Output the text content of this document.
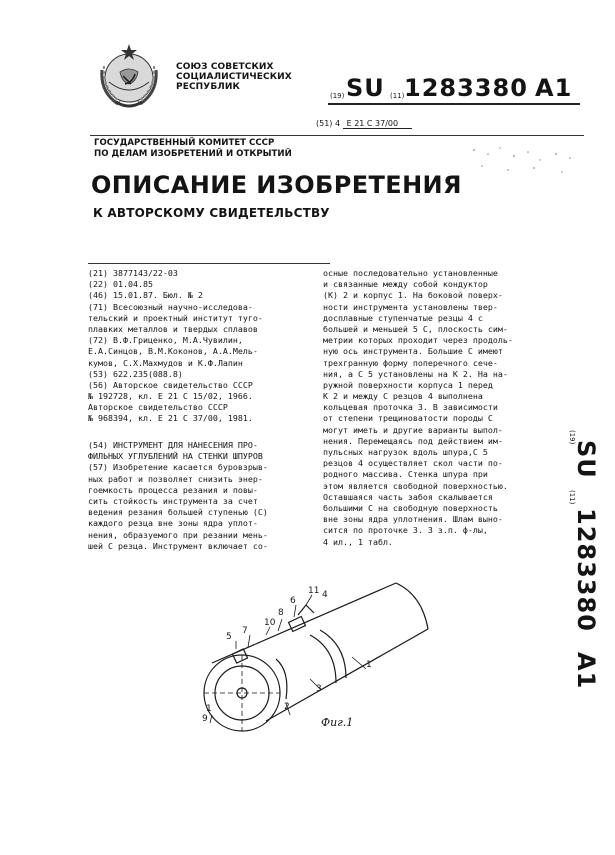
СОЮЗ СОВЕТСКИХ
СОЦИАЛИСТИЧЕСКИХ
РЕСПУБЛИК
(19) SU (11) 1283380 A1
(51) 4 Е 21 С 37/00
ГОСУДАРСТВЕННЫЙ КОМИТЕТ СССР
ПО ДЕЛАМ ИЗОБРЕТЕНИЙ И ОТКРЫТИЙ
ОПИСАНИЕ ИЗОБРЕТЕНИЯ
К АВТОРСКОМУ СВИДЕТЕЛЬСТВУ
(21) 3877143/22-03
(22) 01.04.85
(46) 15.01.87. Бюл. № 2
(71) Всесоюзный научно-исследова-
тельский и проектный институт туго-
плавких металлов и твердых сплавов
(72) В.Ф.Гриценко, М.А.Чувилин,
Е.А.Синцов, В.М.Коконов, А.А.Мель-
кумов, С.Х.Махмудов и К.Ф.Лапин
(53) 622.235(088.8)
(56) Авторское свидетельство СССР
№ 192728, кл. Е 21 С 15/02, 1966.
Авторское свидетельство СССР
№ 968394, кл. Е 21 С 37/00, 1981.
(54) ИНСТРУМЕНТ ДЛЯ НАНЕСЕНИЯ ПРО-
ФИЛЬНЫХ УГЛУБЛЕНИЙ НА СТЕНКИ ШПУРОВ
(57) Изобретение касается буровзрыв-
ных работ и позволяет снизить энер-
гоемкость процесса резания и повы-
сить стойкость инструмента за счет
ведения резания большей ступенью (С)
каждого резца вне зоны ядра уплот-
нения, образуемого при резании мень-
шей С резца. Инструмент включает со-
осные последовательно установленные
и связанные между собой кондуктор
(К) 2 и корпус 1. На боковой поверх-
ности инструмента установлены твер-
досплавные ступенчатые резцы 4 с
большей и меньшей 5 С, плоскость сим-
метрии которых проходит через продоль-
ную ось инструмента. Большие С имеют
трехгранную форму поперечного сече-
ния, а С 5 установлены на К 2. На на-
ружной поверхности корпуса 1 перед
К 2 и между С резцов 4 выполнена
кольцевая проточка 3. В зависимости
от степени трещиноватости породы С
могут иметь и другие варианты выпол-
нения. Перемещаясь под действием им-
пульсных нагрузок вдоль шпура,С 5
резцов 4 осуществляет скол части по-
родного массива. Стенка шпура при
этом является свободной поверхностью.
Оставшаяся часть забоя скалывается
большими С на свободную поверхность
вне зоны ядра уплотнения. Шлам выно-
сится по проточке 3. 3 з.п. ф-лы,
4 ил., 1 табл.
(19)
SU
(11)
1283380
A1
11 4
6
8
10
5
7
1
2
3
9
1
Фиг.1
